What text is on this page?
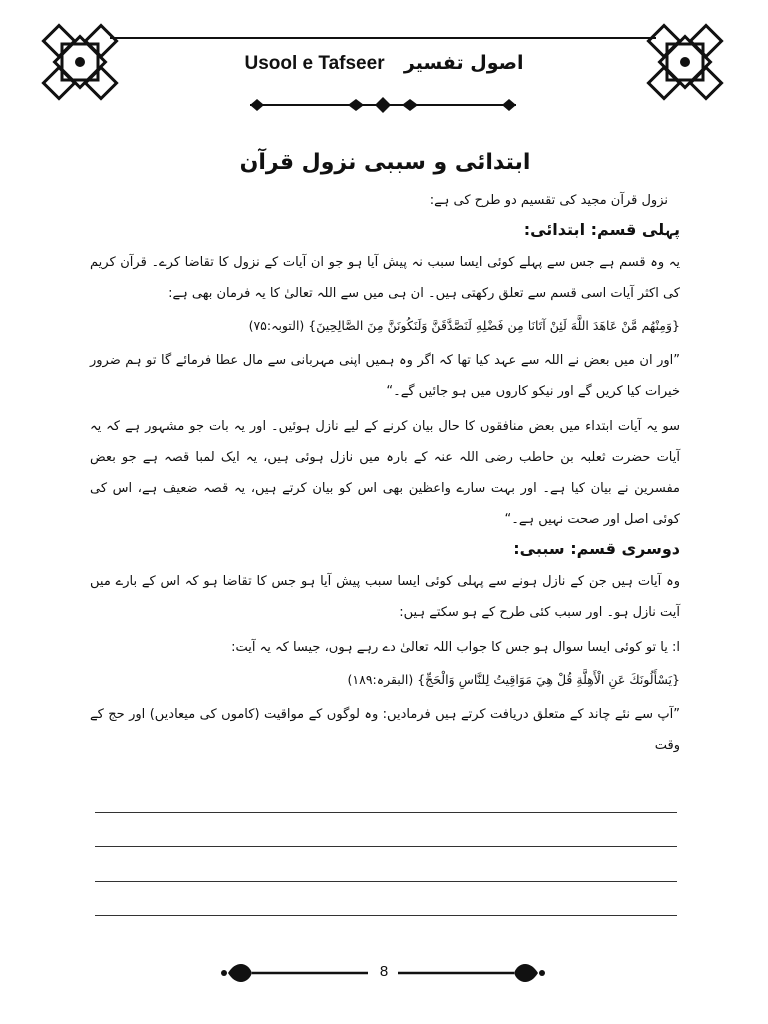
Usool e Tafseer اصول تفسیر
ابتدائی و سببی نزول قرآن

نزول قرآن مجید کی تقسیم دو طرح کی ہے:

پہلی قسم: ابتدائی:

یہ وہ قسم ہے جس سے پہلے کوئی ایسا سبب نہ پیش آیا ہو جو ان آیات کے نزول کا تقاضا کرے۔ قرآن کریم کی اکثر آیات اسی قسم سے تعلق رکھتی ہیں۔ ان ہی میں سے اللہ تعالیٰ کا یہ فرمان بھی ہے:

{وَمِنْهُم مَّنْ عَاهَدَ اللَّهَ لَئِنْ آتَانَا مِن فَضْلِهِ لَنَصَّدَّقَنَّ وَلَنَكُونَنَّ مِنَ الصَّالِحِينَ} (التوبہ:۷۵)

”اور ان میں بعض نے اللہ سے عہد کیا تھا کہ اگر وہ ہمیں اپنی مہربانی سے مال عطا فرمائے گا تو ہم ضرور خیرات کیا کریں گے اور نیکو کاروں میں ہو جائیں گے۔“

سو یہ آیات ابتداء میں بعض منافقوں کا حال بیان کرنے کے لیے نازل ہوئیں۔ اور یہ بات جو مشہور ہے کہ یہ آیات حضرت ثعلبہ بن حاطب رضی اللہ عنہ کے بارہ میں نازل ہوئی ہیں، یہ ایک لمبا قصہ ہے جو بعض مفسرین نے بیان کیا ہے۔ اور بہت سارے واعظین بھی اس کو بیان کرتے ہیں، یہ قصہ ضعیف ہے، اس کی کوئی اصل اور صحت نہیں ہے۔“

دوسری قسم: سببی:

وہ آیات ہیں جن کے نازل ہونے سے پہلی کوئی ایسا سبب پیش آیا ہو جس کا تقاضا ہو کہ اس کے بارے میں آیت نازل ہو۔ اور سبب کئی طرح کے ہو سکتے ہیں:

ا: یا تو کوئی ایسا سوال ہو جس کا جواب اللہ تعالیٰ دے رہے ہوں، جیسا کہ یہ آیت:

{يَسْأَلُونَكَ عَنِ الْأَهِلَّةِ قُلْ هِيَ مَوَاقِيتُ لِلنَّاسِ وَالْحَجِّ} (البقرہ:۱۸۹)

”آپ سے نئے چاند کے متعلق دریافت کرتے ہیں فرمادیں: وہ لوگوں کے مواقیت (کاموں کی میعادیں) اور حج کے وقت

8
